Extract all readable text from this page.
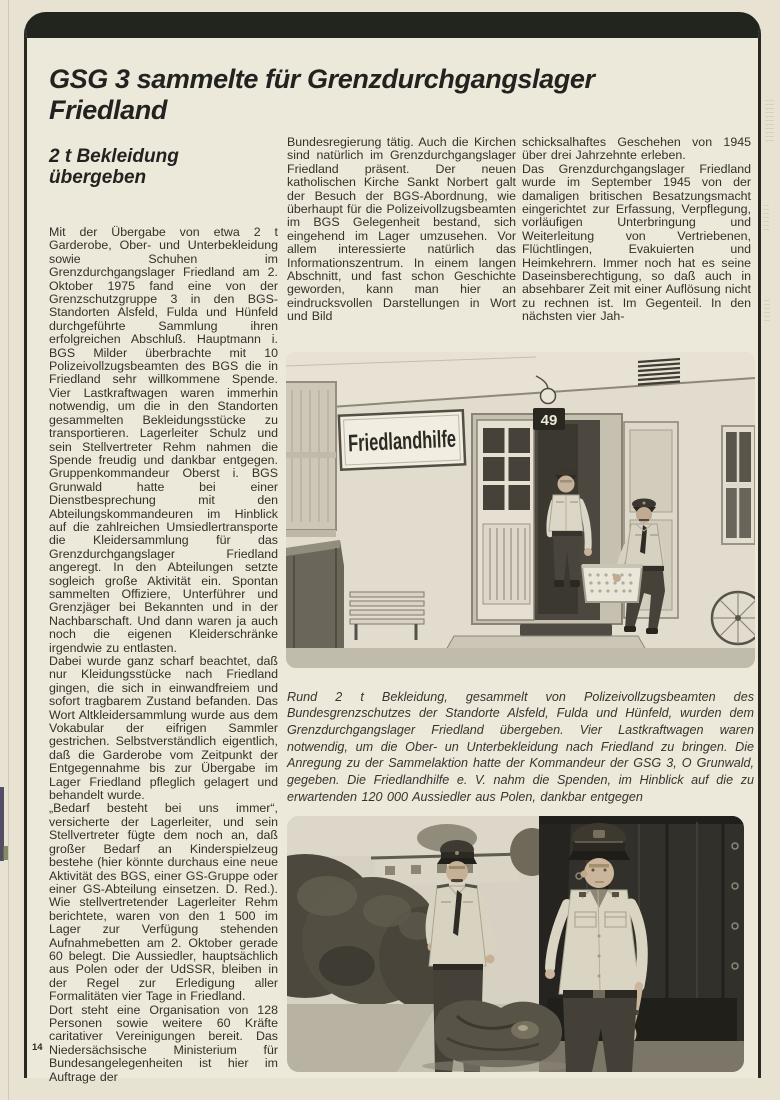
GSG 3 sammelte für Grenzdurchgangslager Friedland
2 t Bekleidung übergeben

Mit der Übergabe von etwa 2 t Garderobe, Ober- und Unterbekleidung sowie Schuhen im Grenzdurchgangslager Friedland am 2. Oktober 1975 fand eine von der Grenzschutzgruppe 3 in den BGS-Standorten Alsfeld, Fulda und Hünfeld durchgeführte Sammlung ihren erfolgreichen Abschluß. Hauptmann i. BGS Milder überbrachte mit 10 Polizeivollzugsbeamten des BGS die in Friedland sehr willkommene Spende. Vier Lastkraftwagen waren immerhin notwendig, um die in den Standorten gesammelten Bekleidungsstücke zu transportieren. Lagerleiter Schulz und sein Stellvertreter Rehm nahmen die Spende freudig und dankbar entgegen. Gruppenkommandeur Oberst i. BGS Grunwald hatte bei einer Dienstbesprechung mit den Abteilungskommandeuren im Hinblick auf die zahlreichen Umsiedlertransporte die Kleidersammlung für das Grenzdurchgangslager Friedland angeregt. In den Abteilungen setzte sogleich große Aktivität ein. Spontan sammelten Offiziere, Unterführer und Grenzjäger bei Bekannten und in der Nachbarschaft. Und dann waren ja auch noch die eigenen Kleiderschränke irgendwie zu entlasten.

Dabei wurde ganz scharf beachtet, daß nur Kleidungsstücke nach Friedland gingen, die sich in einwandfreiem und sofort tragbarem Zustand befanden. Das Wort Altkleidersammlung wurde aus dem Vokabular der eifrigen Sammler gestrichen. Selbstverständlich eigentlich, daß die Garderobe vom Zeitpunkt der Entgegennahme bis zur Übergabe im Lager Friedland pfleglich gelagert und behandelt wurde.

„Bedarf besteht bei uns immer“, versicherte der Lagerleiter, und sein Stellvertreter fügte dem noch an, daß großer Bedarf an Kinderspielzeug bestehe (hier könnte durchaus eine neue Aktivität des BGS, einer GS-Gruppe oder einer GS-Abteilung einsetzen. D. Red.). Wie stellvertretender Lagerleiter Rehm berichtete, waren von den 1 500 im Lager zur Verfügung stehenden Aufnahmebetten am 2. Oktober gerade 60 belegt. Die Aussiedler, hauptsächlich aus Polen oder der UdSSR, bleiben in der Regel zur Erledigung aller Formalitäten vier Tage in Friedland.

Dort steht eine Organisation von 128 Personen sowie weitere 60 Kräfte caritativer Vereinigungen bereit. Das Niedersächsische Ministerium für Bundesangelegenheiten ist hier im Auftrage der

Bundesregierung tätig. Auch die Kirchen sind natürlich im Grenzdurchgangslager Friedland präsent. Der neuen katholischen Kirche Sankt Norbert galt der Besuch der BGS-Abordnung, wie überhaupt für die Polizeivollzugsbeamten im BGS Gelegenheit bestand, sich eingehend im Lager umzusehen. Vor allem interessierte natürlich das Informationszentrum. In einem langen Abschnitt, und fast schon Geschichte geworden, kann man hier an eindrucksvollen Darstellungen in Wort und Bild

schicksalhaftes Geschehen von 1945 über drei Jahrzehnte erleben.

Das Grenzdurchgangslager Friedland wurde im September 1945 von der damaligen britischen Besatzungsmacht eingerichtet zur Erfassung, Verpflegung, vorläufigen Unterbringung und Weiterleitung von Vertriebenen, Flüchtlingen, Evakuierten und Heimkehrern. Immer noch hat es seine Daseinsberechtigung, so daß auch in absehbarer Zeit mit einer Auflösung nicht zu rechnen ist. Im Gegenteil. In den nächsten vier Jah-

Friedlandhilfe
49

Rund 2 t Bekleidung, gesammelt von Polizeivollzugsbeamten des Bundesgrenzschutzes der Standorte Alsfeld, Fulda und Hünfeld, wurden dem Grenzdurchgangslager Friedland übergeben. Vier Lastkraftwagen waren notwendig, um die Ober- un Unterbekleidung nach Friedland zu bringen. Die Anregung zu der Sammelaktion hatte der Kommandeur der GSG 3, O Grunwald, gegeben. Die Friedlandhilfe e. V. nahm die Spenden, im Hinblick auf die zu erwartenden 120 000 Aussiedler aus Polen, dankbar entgegen

14
